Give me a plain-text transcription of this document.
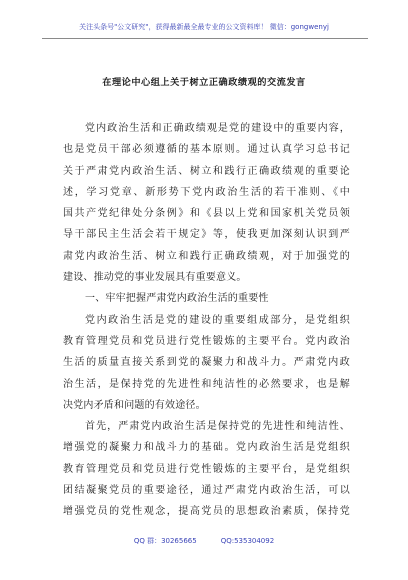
关注头条号"公文研究"，获得最新最全最专业的公文资料库！ 微信：gongwenyj
在理论中心组上关于树立正确政绩观的交流发言
党内政治生活和正确政绩观是党的建设中的重要内容，
也是党员干部必须遵循的基本原则。通过认真学习总书记
关于严肃党内政治生活、树立和践行正确政绩观的重要论
述，学习党章、新形势下党内政治生活的若干准则、《中
国共产党纪律处分条例》和《县以上党和国家机关党员领
导干部民主生活会若干规定》等，使我更加深刻认识到严
肃党内政治生活、树立和践行正确政绩观，对于加强党的
建设、推动党的事业发展具有重要意义。
一、牢牢把握严肃党内政治生活的重要性
党内政治生活是党的建设的重要组成部分，是党组织
教育管理党员和党员进行党性锻炼的主要平台。党内政治
生活的质量直接关系到党的凝聚力和战斗力。严肃党内政
治生活，是保持党的先进性和纯洁性的必然要求，也是解
决党内矛盾和问题的有效途径。
首先，严肃党内政治生活是保持党的先进性和纯洁性、
增强党的凝聚力和战斗力的基础。党内政治生活是党组织
教育管理党员和党员进行党性锻炼的主要平台，是党组织
团结凝聚党员的重要途径，通过严肃党内政治生活，可以
增强党员的党性观念，提高党员的思想政治素质，保持党
QQ 群：30265665	QQ:535304092
